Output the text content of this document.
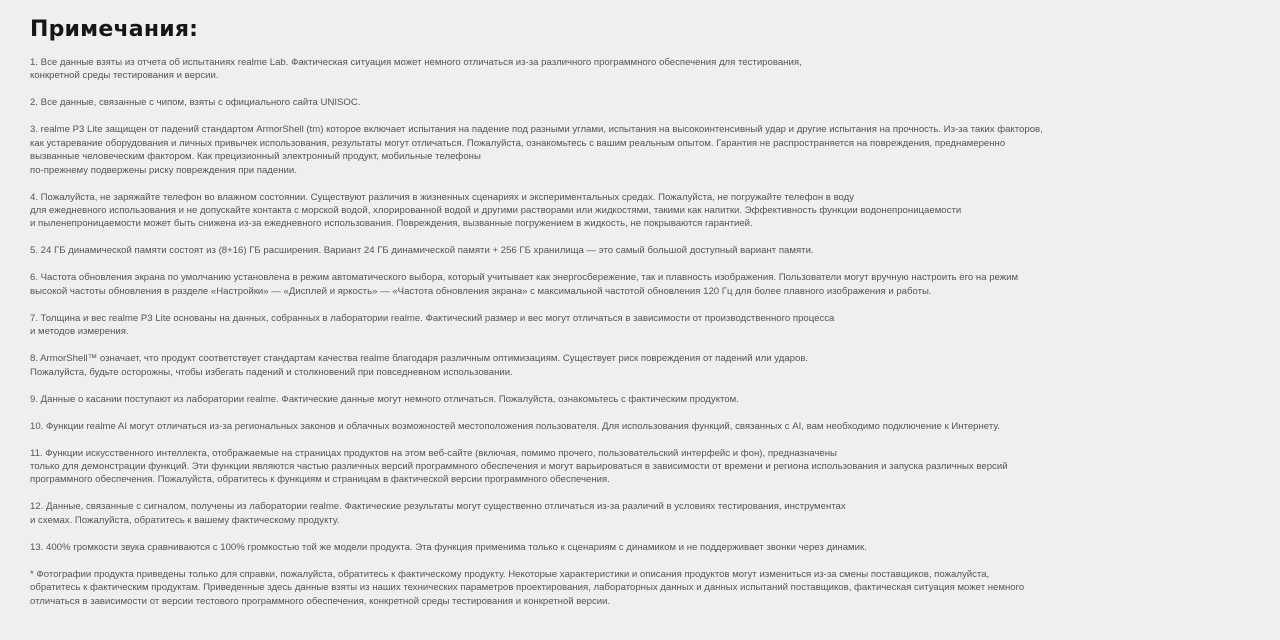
Примечания:
1. Все данные взяты из отчета об испытаниях realme Lab. Фактическая ситуация может немного отличаться из-за различного программного обеспечения для тестирования,
конкретной среды тестирования и версии.
2. Все данные, связанные с чипом, взяты с официального сайта UNISOC.
3. realme P3 Lite защищен от падений стандартом ArmorShell (tm) которое включает испытания на падение под разными углами, испытания на высокоинтенсивный удар и другие испытания на прочность. Из-за таких факторов,
как устаревание оборудования и личных привычек использования, результаты могут отличаться. Пожалуйста, ознакомьтесь с вашим реальным опытом. Гарантия не распространяется на повреждения, преднамеренно
вызванные человеческим фактором. Как прецизионный электронный продукт, мобильные телефоны
по-прежнему подвержены риску повреждения при падении.
4. Пожалуйста, не заряжайте телефон во влажном состоянии. Существуют различия в жизненных сценариях и экспериментальных средах. Пожалуйста, не погружайте телефон в воду
для ежедневного использования и не допускайте контакта с морской водой, хлорированной водой и другими растворами или жидкостями, такими как напитки. Эффективность функции водонепроницаемости
и пыленепроницаемости может быть снижена из-за ежедневного использования. Повреждения, вызванные погружением в жидкость, не покрываются гарантией.
5. 24 ГБ динамической памяти состоят из (8+16) ГБ расширения. Вариант 24 ГБ динамической памяти + 256 ГБ хранилища — это самый большой доступный вариант памяти.
6. Частота обновления экрана по умолчанию установлена в режим автоматического выбора, который учитывает как энергосбережение, так и плавность изображения. Пользователи могут вручную настроить его на режим
высокой частоты обновления в разделе «Настройки» — «Дисплей и яркость» — «Частота обновления экрана» с максимальной частотой обновления 120 Гц для более плавного изображения и работы.
7. Толщина и вес realme P3 Lite основаны на данных, собранных в лаборатории realme. Фактический размер и вес могут отличаться в зависимости от производственного процесса
и методов измерения.
8. ArmorShell™ означает, что продукт соответствует стандартам качества realme благодаря различным оптимизациям. Существует риск повреждения от падений или ударов.
Пожалуйста, будьте осторожны, чтобы избегать падений и столкновений при повседневном использовании.
9. Данные о касании поступают из лаборатории realme. Фактические данные могут немного отличаться. Пожалуйста, ознакомьтесь с фактическим продуктом.
10. Функции realme AI могут отличаться из-за региональных законов и облачных возможностей местоположения пользователя. Для использования функций, связанных с AI, вам необходимо подключение к Интернету.
11. Функции искусственного интеллекта, отображаемые на страницах продуктов на этом веб-сайте (включая, помимо прочего, пользовательский интерфейс и фон), предназначены
только для демонстрации функций. Эти функции являются частью различных версий программного обеспечения и могут варьироваться в зависимости от времени и региона использования и запуска различных версий
программного обеспечения. Пожалуйста, обратитесь к функциям и страницам в фактической версии программного обеспечения.
12. Данные, связанные с сигналом, получены из лаборатории realme. Фактические результаты могут существенно отличаться из-за различий в условиях тестирования, инструментах
и схемах. Пожалуйста, обратитесь к вашему фактическому продукту.
13. 400% громкости звука сравниваются с 100% громкостью той же модели продукта. Эта функция применима только к сценариям с динамиком и не поддерживает звонки через динамик.
* Фотографии продукта приведены только для справки, пожалуйста, обратитесь к фактическому продукту. Некоторые характеристики и описания продуктов могут измениться из-за смены поставщиков, пожалуйста,
обратитесь к фактическим продуктам. Приведенные здесь данные взяты из наших технических параметров проектирования, лабораторных данных и данных испытаний поставщиков, фактическая ситуация может немного
отличаться в зависимости от версии тестового программного обеспечения, конкретной среды тестирования и конкретной версии.
